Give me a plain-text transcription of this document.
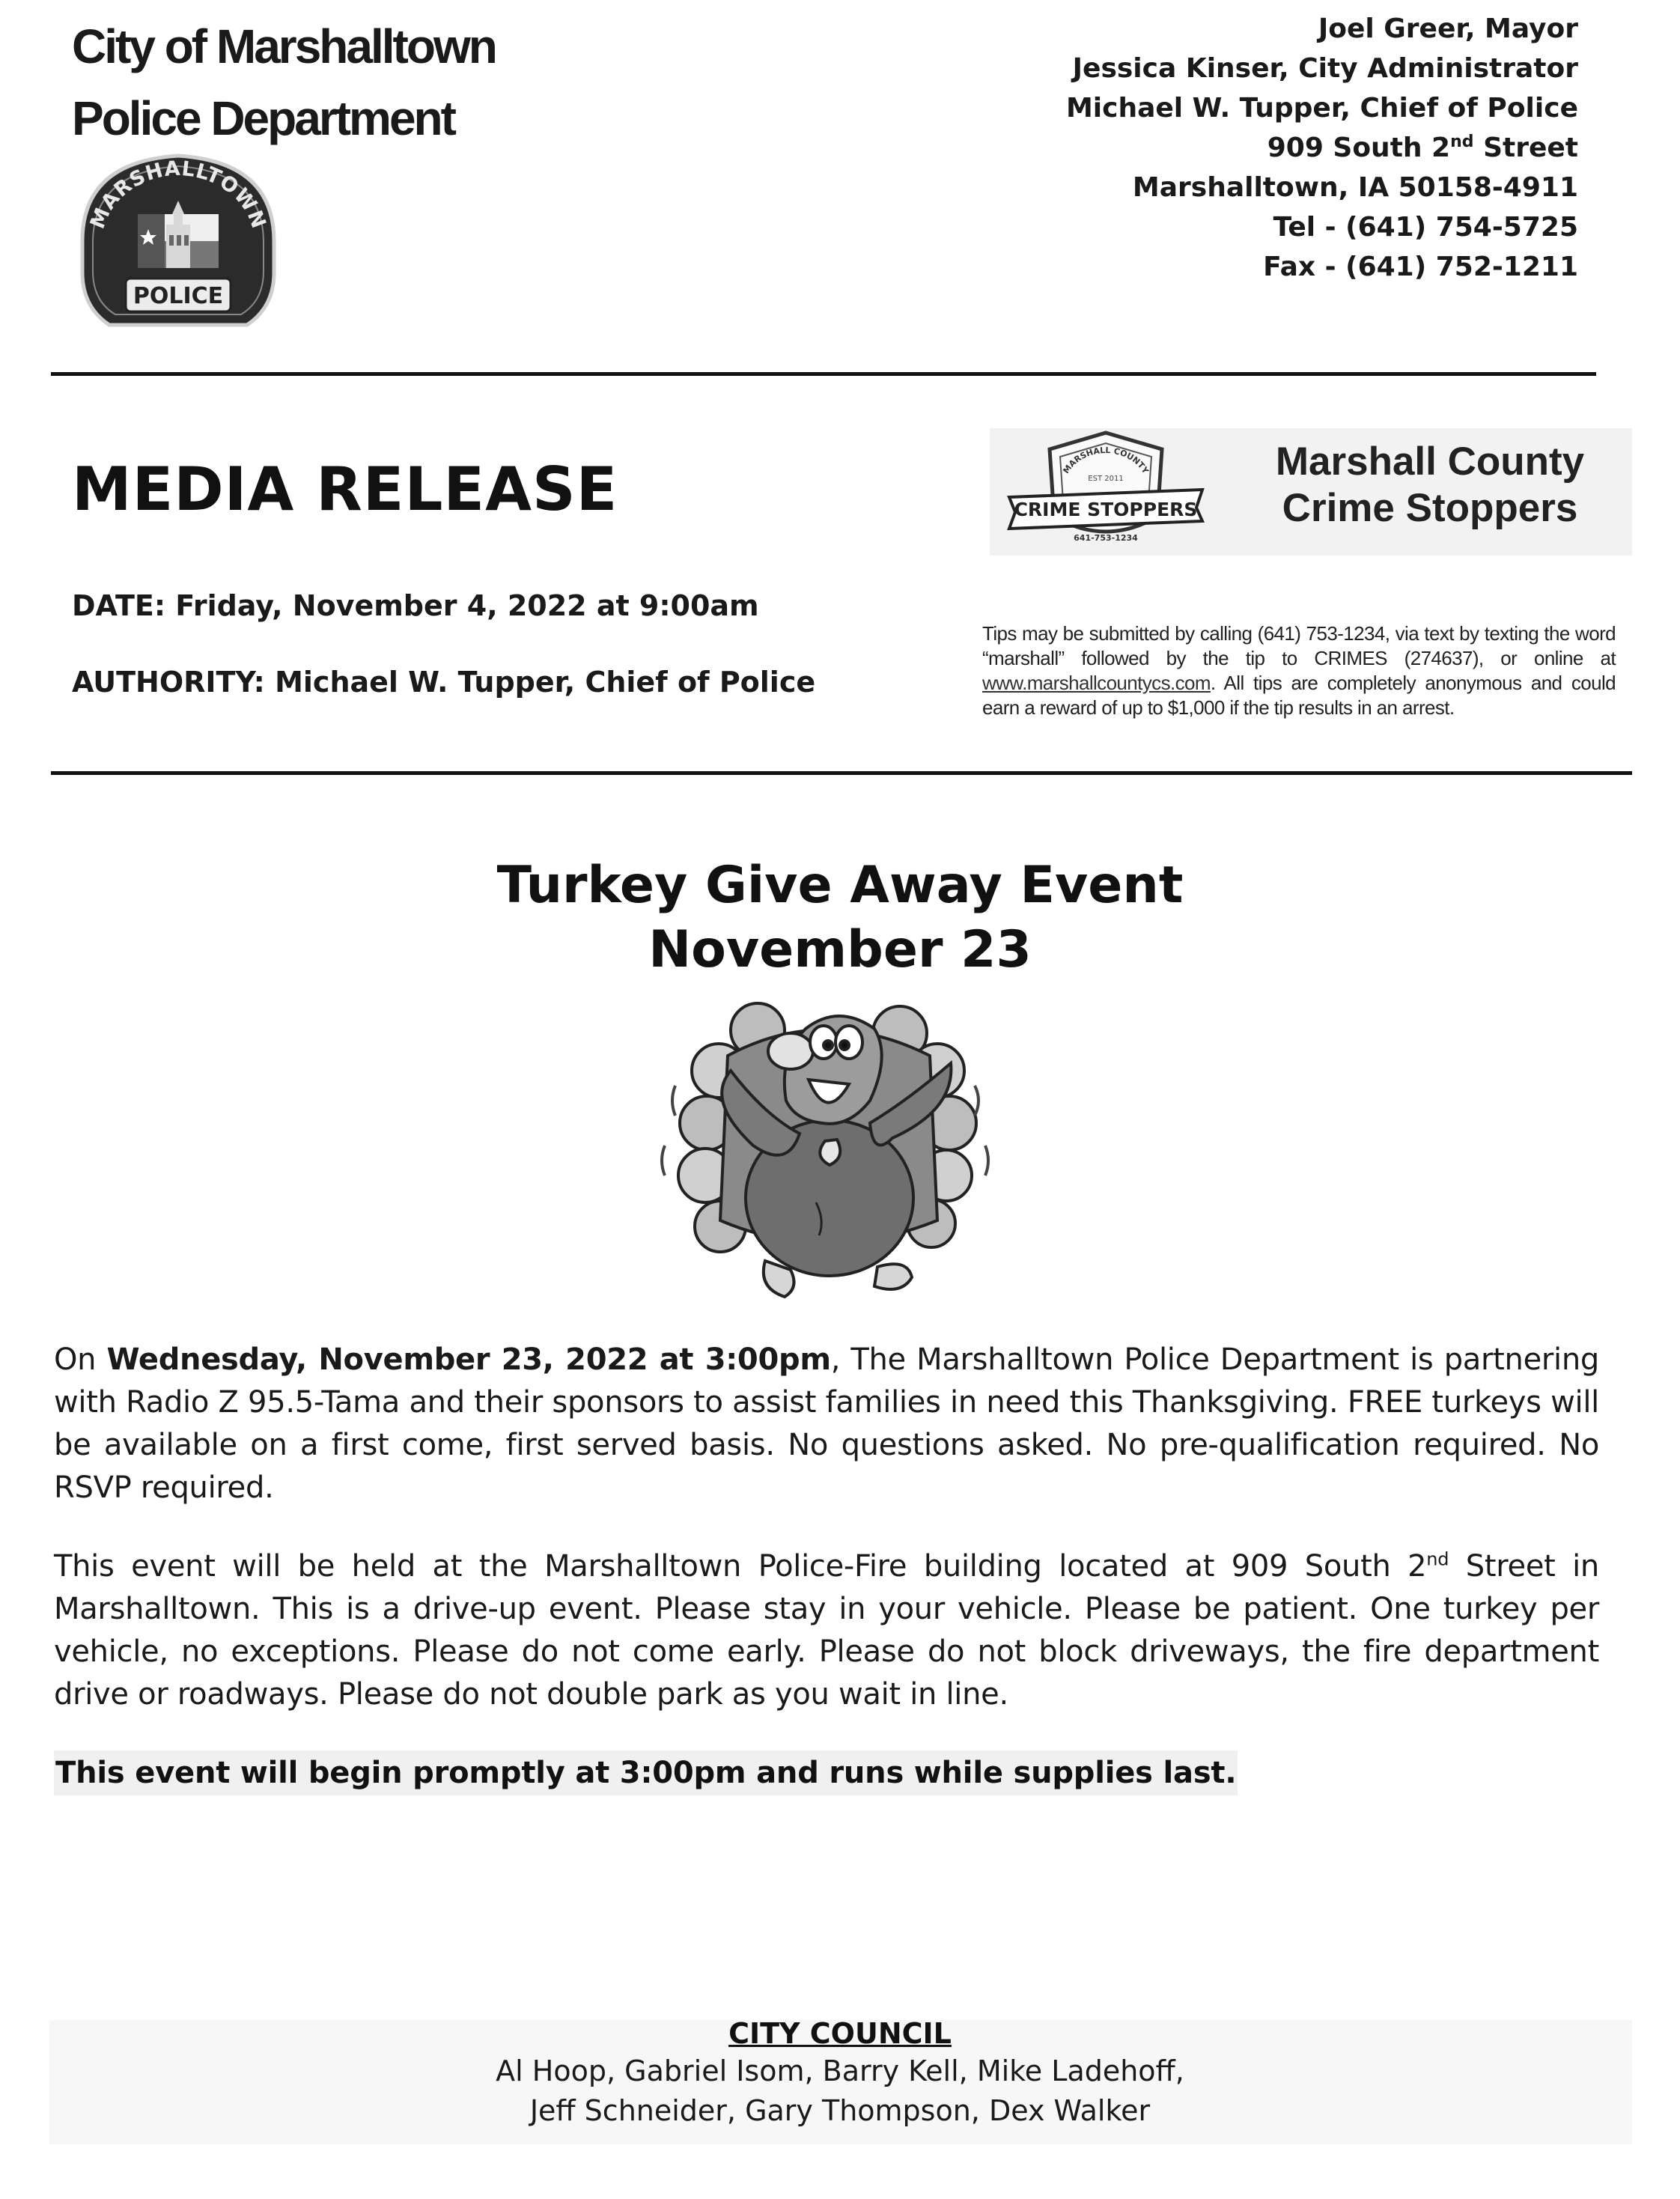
City of Marshalltown
Police Department
MARSHALLTOWN
POLICE
Joel Greer, Mayor
Jessica Kinser, City Administrator
Michael W. Tupper, Chief of Police
909 South 2nd Street
Marshalltown, IA 50158-4911
Tel - (641) 754-5725
Fax - (641) 752-1211
MEDIA RELEASE
DATE: Friday, November 4, 2022 at 9:00am
AUTHORITY: Michael W. Tupper, Chief of Police
MARSHALL COUNTY
EST 2011
CRIME STOPPERS
641-753-1234
Marshall County
Crime Stoppers
Tips may be submitted by calling (641) 753-1234, via text by texting the word “marshall” followed by the tip to CRIMES (274637), or online at www.marshallcountycs.com. All tips are completely anonymous and could earn a reward of up to $1,000 if the tip results in an arrest.
Turkey Give Away Event
November 23
On Wednesday, November 23, 2022 at 3:00pm, The Marshalltown Police Department is partnering with Radio Z 95.5-Tama and their sponsors to assist families in need this Thanksgiving. FREE turkeys will be available on a first come, first served basis. No questions asked. No pre-qualification required. No RSVP required.
This event will be held at the Marshalltown Police-Fire building located at 909 South 2nd Street in Marshalltown. This is a drive-up event. Please stay in your vehicle. Please be patient. One turkey per vehicle, no exceptions. Please do not come early. Please do not block driveways, the fire department drive or roadways. Please do not double park as you wait in line.
This event will begin promptly at 3:00pm and runs while supplies last.
CITY COUNCIL
Al Hoop, Gabriel Isom, Barry Kell, Mike Ladehoff,
Jeff Schneider, Gary Thompson, Dex Walker
